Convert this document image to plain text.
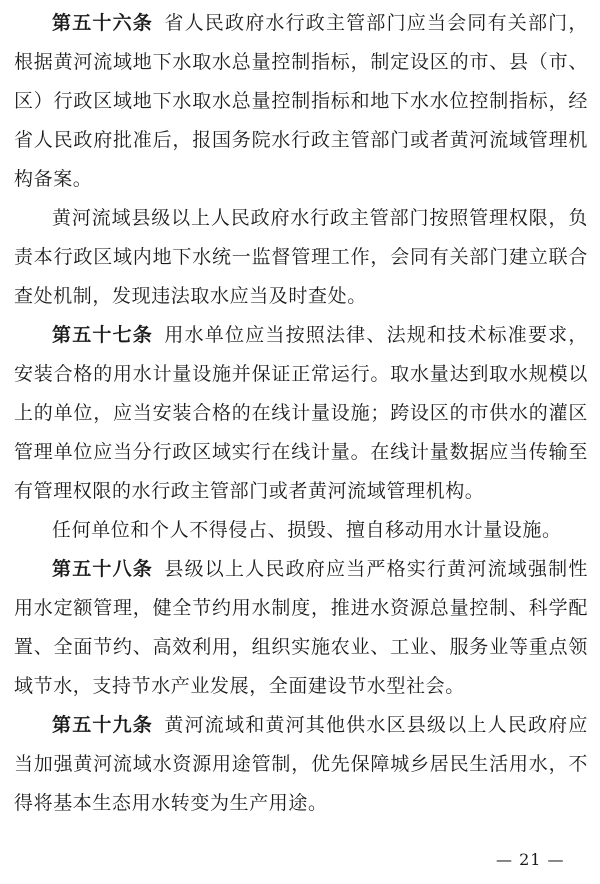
第五十六条 省人民政府水行政主管部门应当会同有关部门，根据黄河流域地下水取水总量控制指标，制定设区的市、县（市、区）行政区域地下水取水总量控制指标和地下水水位控制指标，经省人民政府批准后，报国务院水行政主管部门或者黄河流域管理机构备案。

黄河流域县级以上人民政府水行政主管部门按照管理权限，负责本行政区域内地下水统一监督管理工作，会同有关部门建立联合查处机制，发现违法取水应当及时查处。

第五十七条 用水单位应当按照法律、法规和技术标准要求，安装合格的用水计量设施并保证正常运行。取水量达到取水规模以上的单位，应当安装合格的在线计量设施；跨设区的市供水的灌区管理单位应当分行政区域实行在线计量。在线计量数据应当传输至有管理权限的水行政主管部门或者黄河流域管理机构。

任何单位和个人不得侵占、损毁、擅自移动用水计量设施。

第五十八条 县级以上人民政府应当严格实行黄河流域强制性用水定额管理，健全节约用水制度，推进水资源总量控制、科学配置、全面节约、高效利用，组织实施农业、工业、服务业等重点领域节水，支持节水产业发展，全面建设节水型社会。

第五十九条 黄河流域和黄河其他供水区县级以上人民政府应当加强黄河流域水资源用途管制，优先保障城乡居民生活用水，不得将基本生态用水转变为生产用途。

— 21 —
